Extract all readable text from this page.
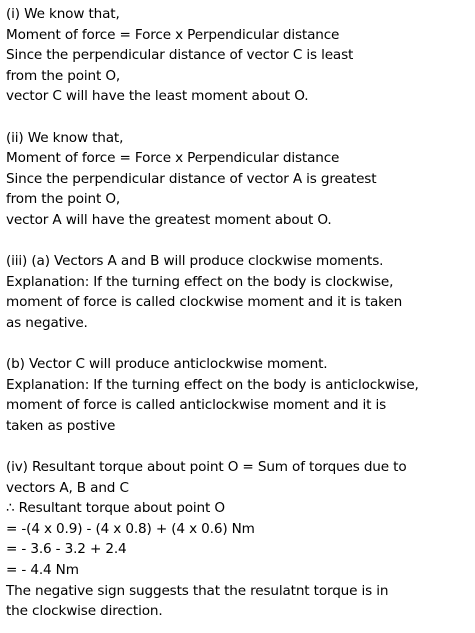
(i) We know that,
Moment of force = Force x Perpendicular distance
Since the perpendicular distance of vector C is least
from the point O,
vector C will have the least moment about O.
(ii) We know that,
Moment of force = Force x Perpendicular distance
Since the perpendicular distance of vector A is greatest
from the point O,
vector A will have the greatest moment about O.
(iii) (a) Vectors A and B will produce clockwise moments.
Explanation: If the turning effect on the body is clockwise,
moment of force is called clockwise moment and it is taken
as negative.
(b) Vector C will produce anticlockwise moment.
Explanation: If the turning effect on the body is anticlockwise,
moment of force is called anticlockwise moment and it is
taken as postive
(iv) Resultant torque about point O = Sum of torques due to
vectors A, B and C
∴ Resultant torque about point O
= -(4 x 0.9) - (4 x 0.8) + (4 x 0.6) Nm
= - 3.6 - 3.2 + 2.4
= - 4.4 Nm
The negative sign suggests that the resulatnt torque is in
the clockwise direction.
